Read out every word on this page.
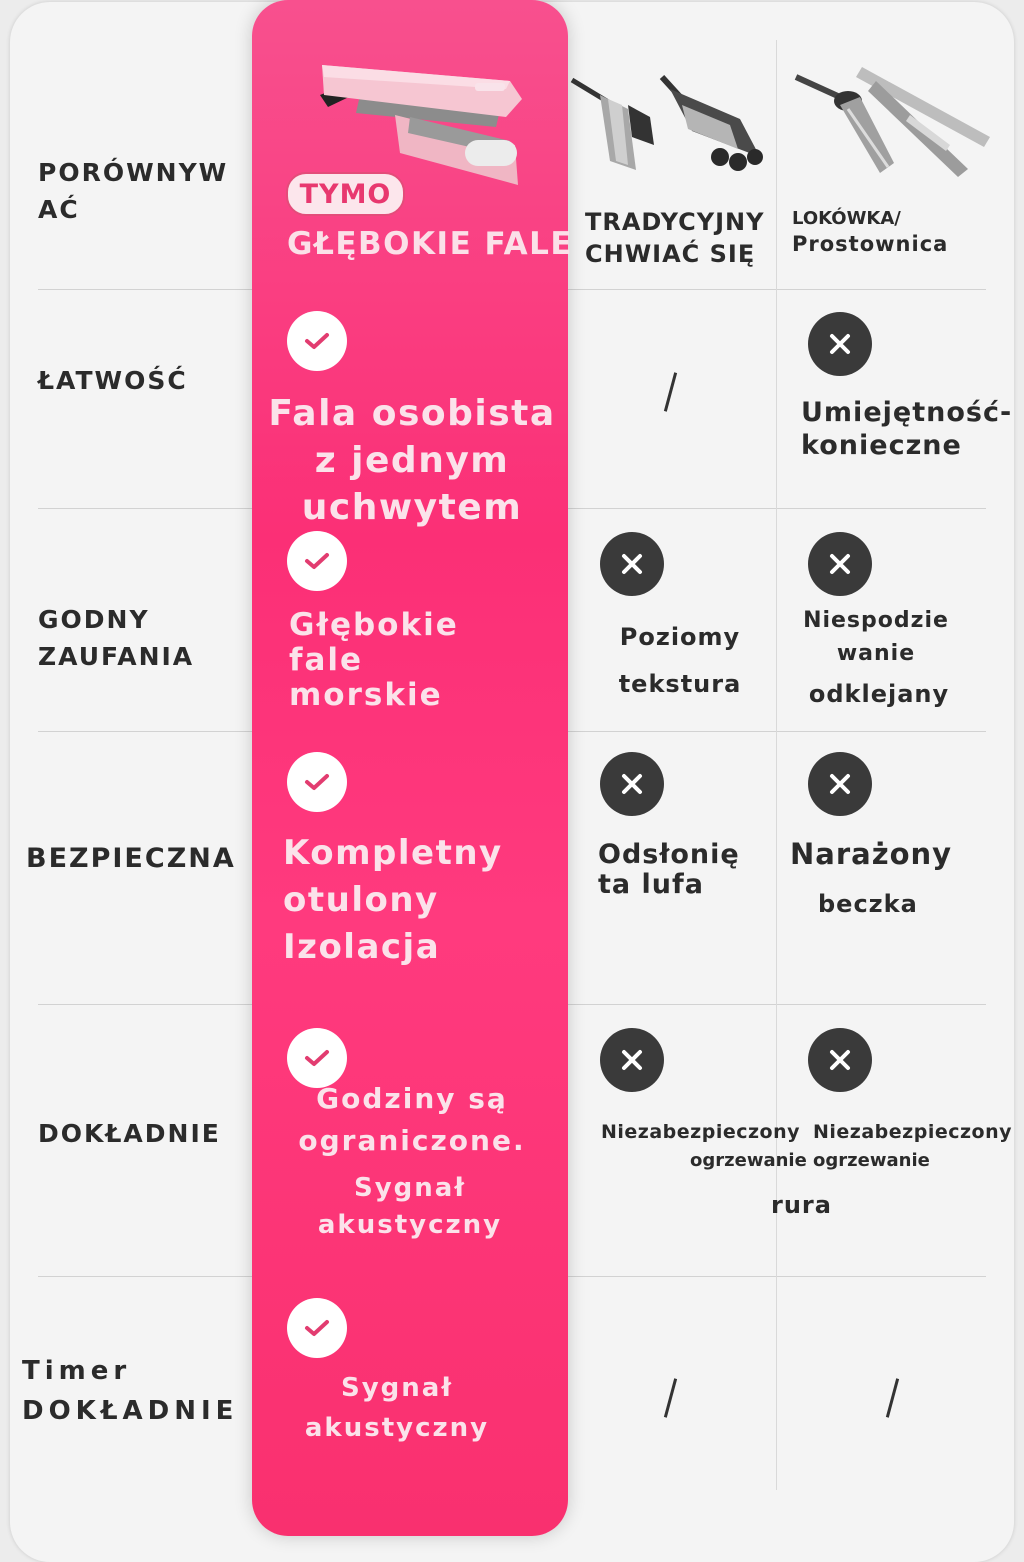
TYMO
PORÓWNYW
AĆ
GŁĘBOKIE FALE
TRADYCYJNY
CHWIAĆ SIĘ
LOKÓWKA/
Prostownica
ŁATWOŚĆ
Fala osobista
z jednym
uchwytem
Umiejętność-
konieczne
GODNY
ZAUFANIA
Głębokie
fale
morskie
Poziomy
tekstura
Niespodzie
wanie
odklejany
BEZPIECZNA Kompletny
otulony
Izolacja
Odsłonię
ta lufa
Narażony
beczka
DOKŁADNIE
Godziny są
ograniczone.
Sygnał
akustyczny
Niezabezpieczony Niezabezpieczony
ogrzewanie ogrzewanie
rura
Timer
DOKŁADNIE
Sygnał
akustyczny
